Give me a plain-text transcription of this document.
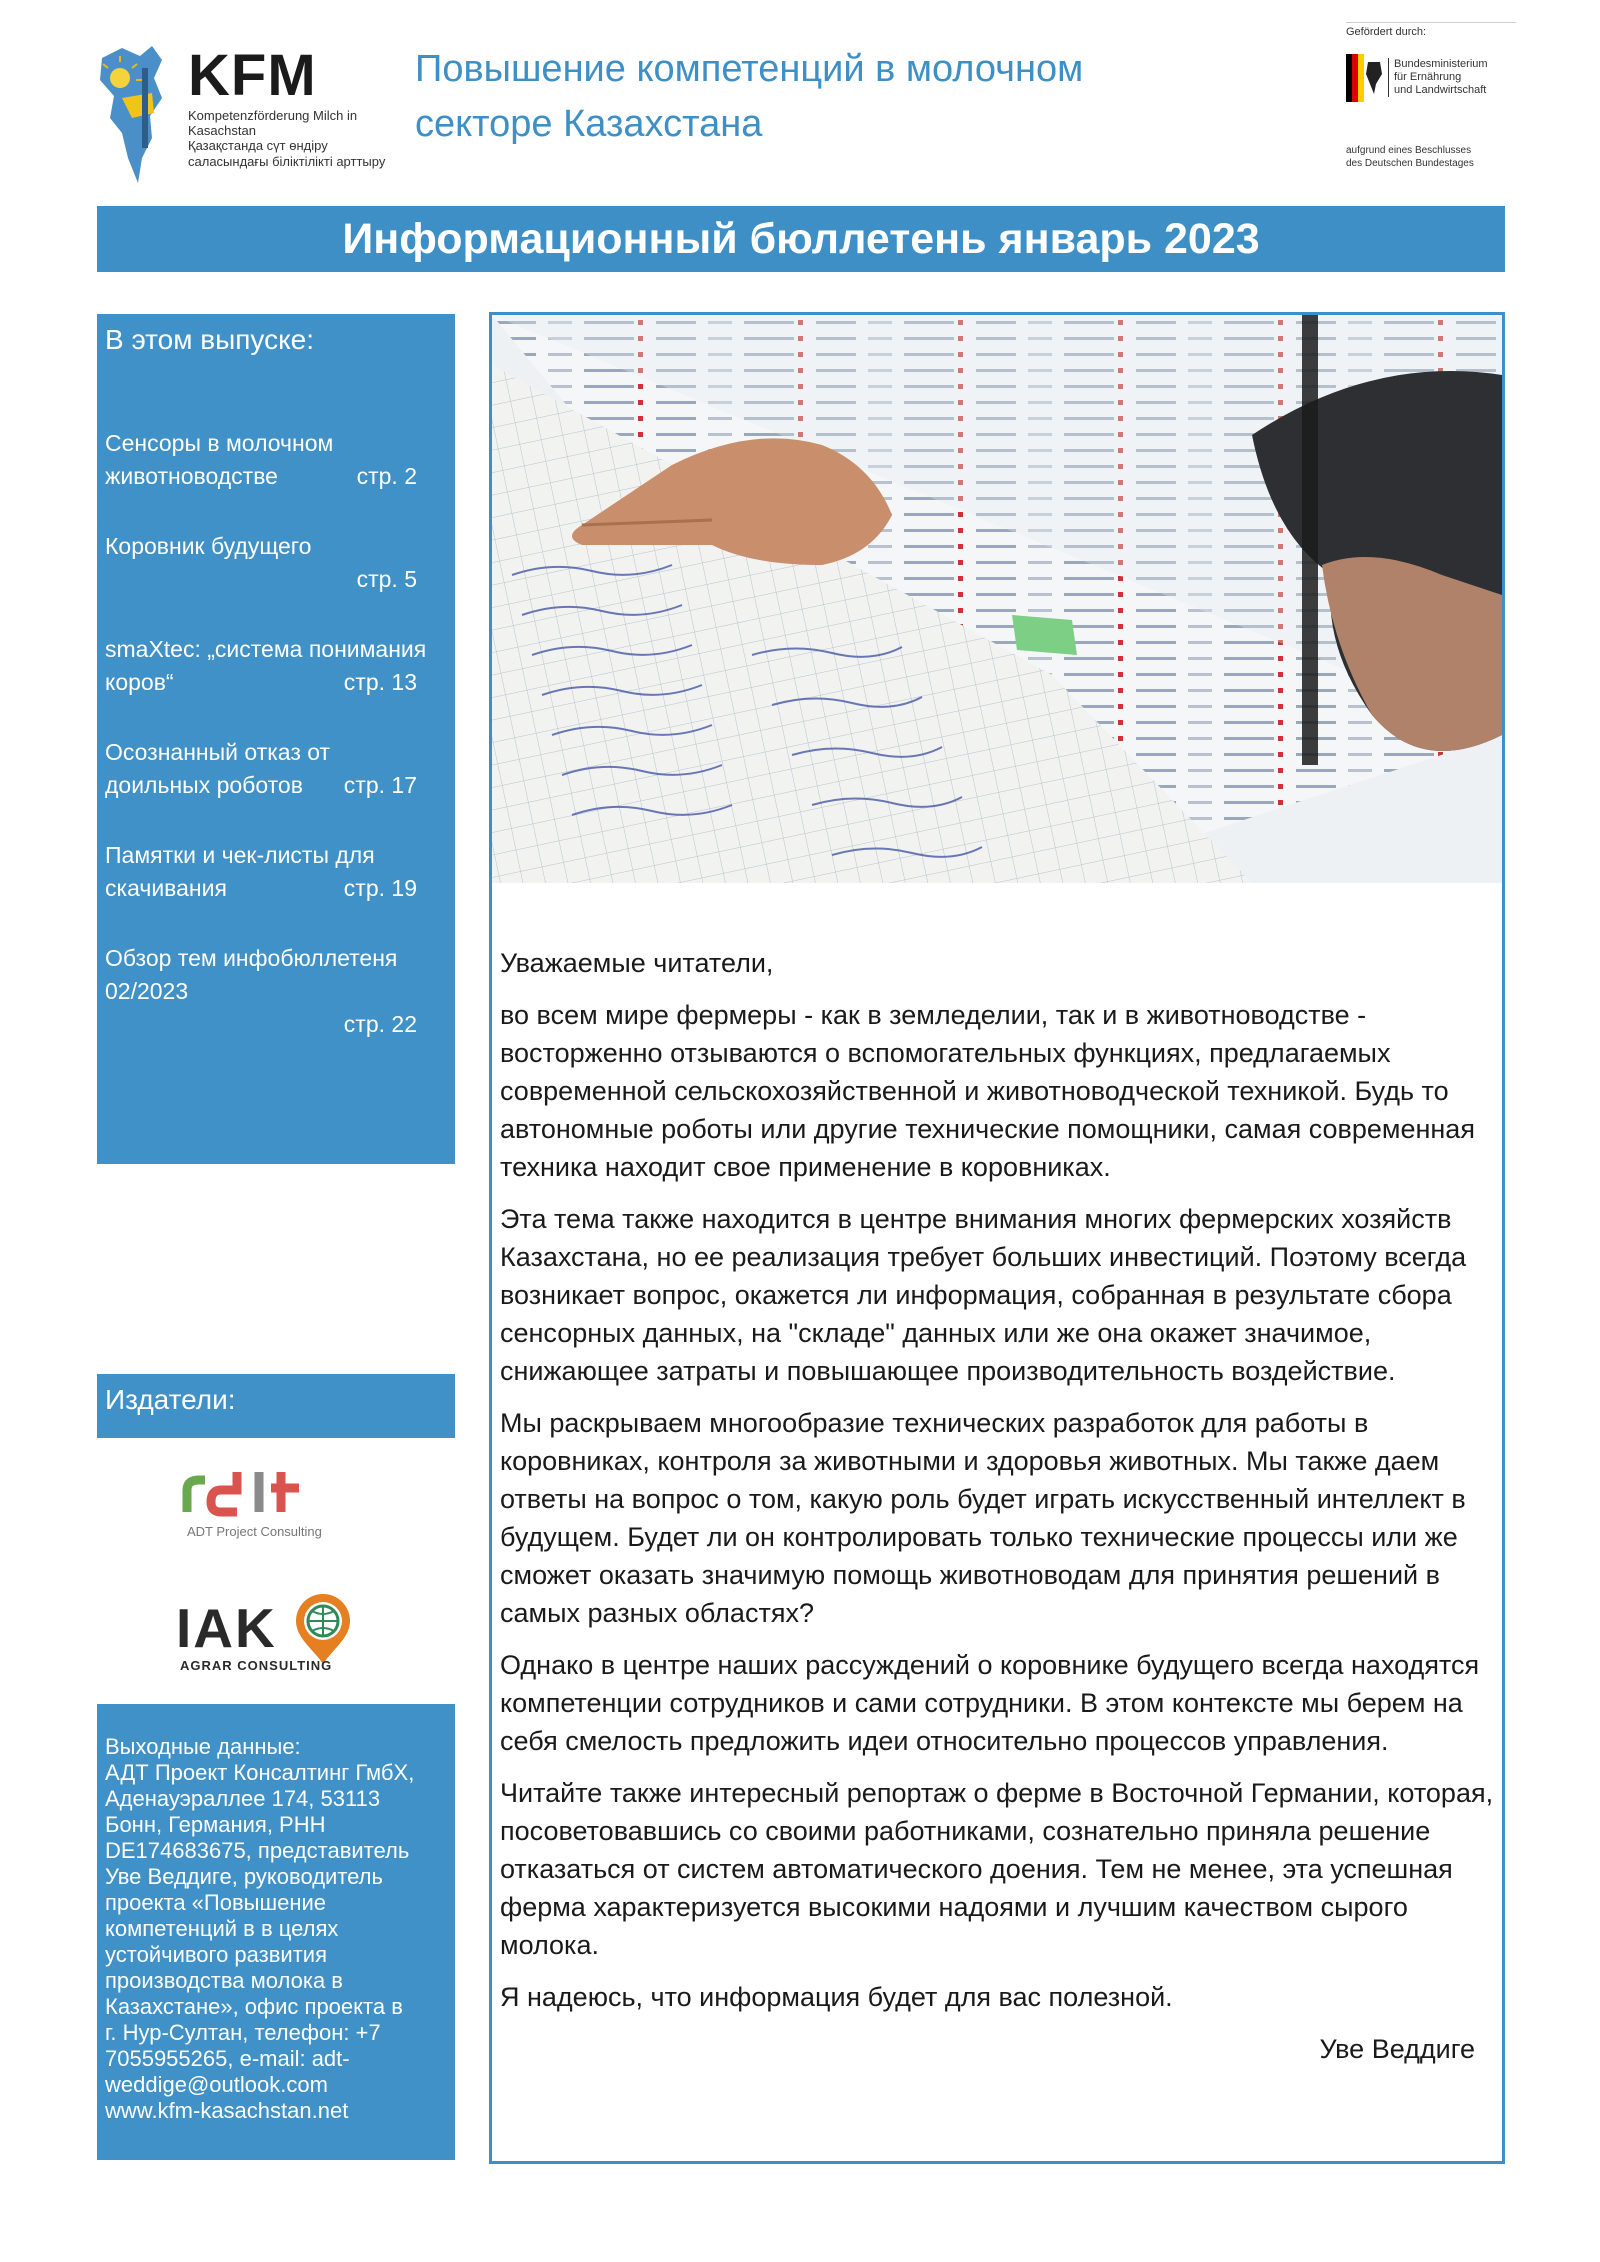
KFM
Kompetenzförderung Milch in Kasachstan
Қазақстанда сүт өндіру
саласындағы біліктілікті арттыру
Повышение компетенций в молочном
секторе Казахстана
Gefördert durch:
Bundesministerium
für Ernährung
und Landwirtschaft
aufgrund eines Beschlusses
des Deutschen Bundestages
Информационный бюллетень январь 2023
В этом выпуске:
Сенсоры в молочном
животноводстве	стр. 2
Коровник будущего

стр. 5
smaXtec: „система понимания
коров“	стр. 13
Осознанный отказ от
доильных роботов	стр. 17
Памятки и чек-листы для
скачивания	стр. 19
Обзор тем инфобюллетеня
02/2023
стр. 22
Издатели:
ADT Project Consulting
IAK
AGRAR CONSULTING
Выходные данные:
АДТ Проект Консалтинг ГмбХ,
Аденауэраллее 174, 53113
Бонн, Германия, РНН
DE174683675, представитель
Уве Веддиге, руководитель
проекта «Повышение
компетенций в в целях
устойчивого развития
производства молока в
Казахстане», офис проекта в
г. Нур-Султан, телефон: +7
7055955265, e-mail: adt-
weddige@outlook.com
www.kfm-kasachstan.net

Уважаемые читатели,

во всем мире фермеры - как в земледелии, так и в животноводстве - восторженно отзываются о вспомогательных функциях, предлагаемых современной сельскохозяйственной и животноводческой техникой. Будь то автономные роботы или другие технические помощники, самая современная техника находит свое применение в коровниках.

Эта тема также находится в центре внимания многих фермерских хозяйств Казахстана, но ее реализация требует больших инвестиций. Поэтому всегда возникает вопрос, окажется ли информация, собранная в результате сбора сенсорных данных, на "складе" данных или же она окажет значимое, снижающее затраты и повышающее производительность воздействие.

Мы раскрываем многообразие технических разработок для работы в коровниках, контроля за животными и здоровья животных. Мы также даем ответы на вопрос о том, какую роль будет играть искусственный интеллект в будущем. Будет ли он контролировать только технические процессы или же сможет оказать значимую помощь животноводам для принятия решений в самых разных областях?

Однако в центре наших рассуждений о коровнике будущего всегда находятся компетенции сотрудников и сами сотрудники. В этом контексте мы берем на себя смелость предложить идеи относительно процессов управления.

Читайте также интересный репортаж о ферме в Восточной Германии, которая, посоветовавшись со своими работниками, сознательно приняла решение отказаться от систем автоматического доения. Тем не менее, эта успешная ферма характеризуется высокими надоями и лучшим качеством сырого молока.

Я надеюсь, что информация будет для вас полезной.

Уве Веддиге
